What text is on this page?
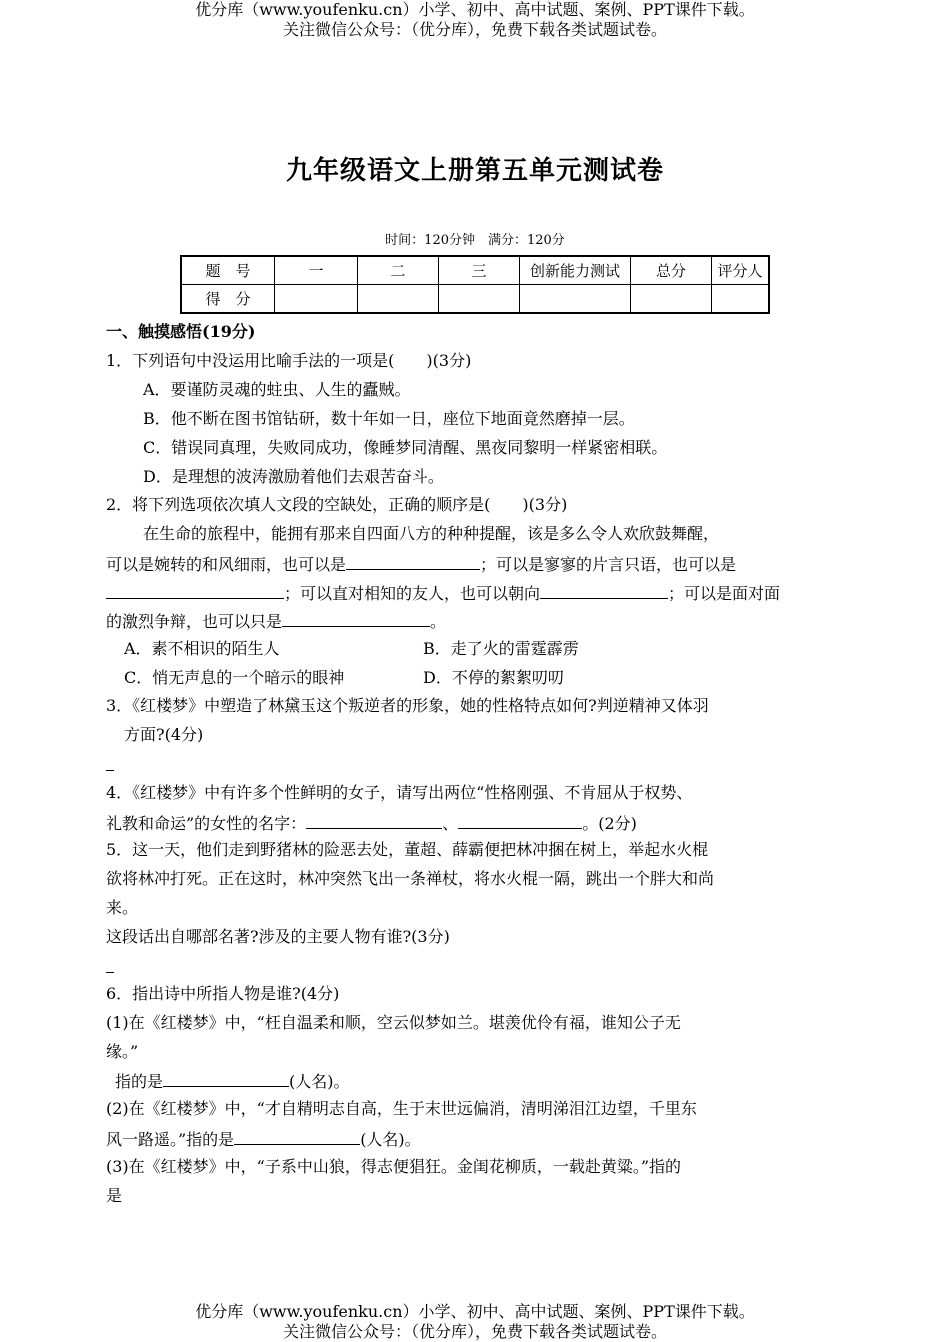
优分库（www.youfenku.cn）小学、初中、高中试题、案例、PPT课件下载。
关注微信公众号：（优分库），免费下载各类试题试卷。
九年级语文上册第五单元测试卷
时间：120分钟　满分：120分
题　号	一	二	三	创新能力测试	总分	评分人
得　分						
一、触摸感悟(19分)
1．下列语句中没运用比喻手法的一项是(　　)(3分)
A．要谨防灵魂的蛀虫、人生的蠹贼。
B．他不断在图书馆钻研，数十年如一日，座位下地面竟然磨掉一层。
C．错误同真理，失败同成功，像睡梦同清醒、黑夜同黎明一样紧密相联。
D．是理想的波涛激励着他们去艰苦奋斗。
2．将下列选项依次填人文段的空缺处，正确的顺序是(　　)(3分)
在生命的旅程中，能拥有那来自四面八方的种种提醒，该是多么令人欢欣鼓舞醒，
可以是婉转的和风细雨，也可以是	；可以是寥寥的片言只语，也可以是
；可以直对相知的友人，也可以朝向	；可以是面对面
的激烈争辩，也可以只是	。
A．素不相识的陌生人	B．走了火的雷霆霹雳
C．悄无声息的一个暗示的眼神	D．不停的絮絮叨叨
3．《红楼梦》中塑造了林黛玉这个叛逆者的形象，她的性格特点如何?判逆精神又体羽
方面?(4分)
4．《红楼梦》中有许多个性鲜明的女子，请写出两位“性格刚强、不肯屈从于权势、
礼教和命运”的女性的名字：	、	。(2分)
5．这一天，他们走到野猪林的险恶去处，董超、薛霸便把林冲捆在树上，举起水火棍
欲将林冲打死。正在这时，林冲突然飞出一条禅杖，将水火棍一隔，跳出一个胖大和尚
来。
这段话出自哪部名著?涉及的主要人物有谁?(3分)
6．指出诗中所指人物是谁?(4分)
(1)在《红楼梦》中，“枉自温柔和顺，空云似梦如兰。堪羡优伶有福，谁知公子无
缘。”
指的是	(人名)。
(2)在《红楼梦》中，“才自精明志自高，生于末世远偏消，清明涕泪江边望，千里东
风一路遥。”指的是	(人名)。
(3)在《红楼梦》中，“子系中山狼，得志便猖狂。金闺花柳质，一载赴黄粱。”指的
是
优分库（www.youfenku.cn）小学、初中、高中试题、案例、PPT课件下载。
关注微信公众号：（优分库），免费下载各类试题试卷。
